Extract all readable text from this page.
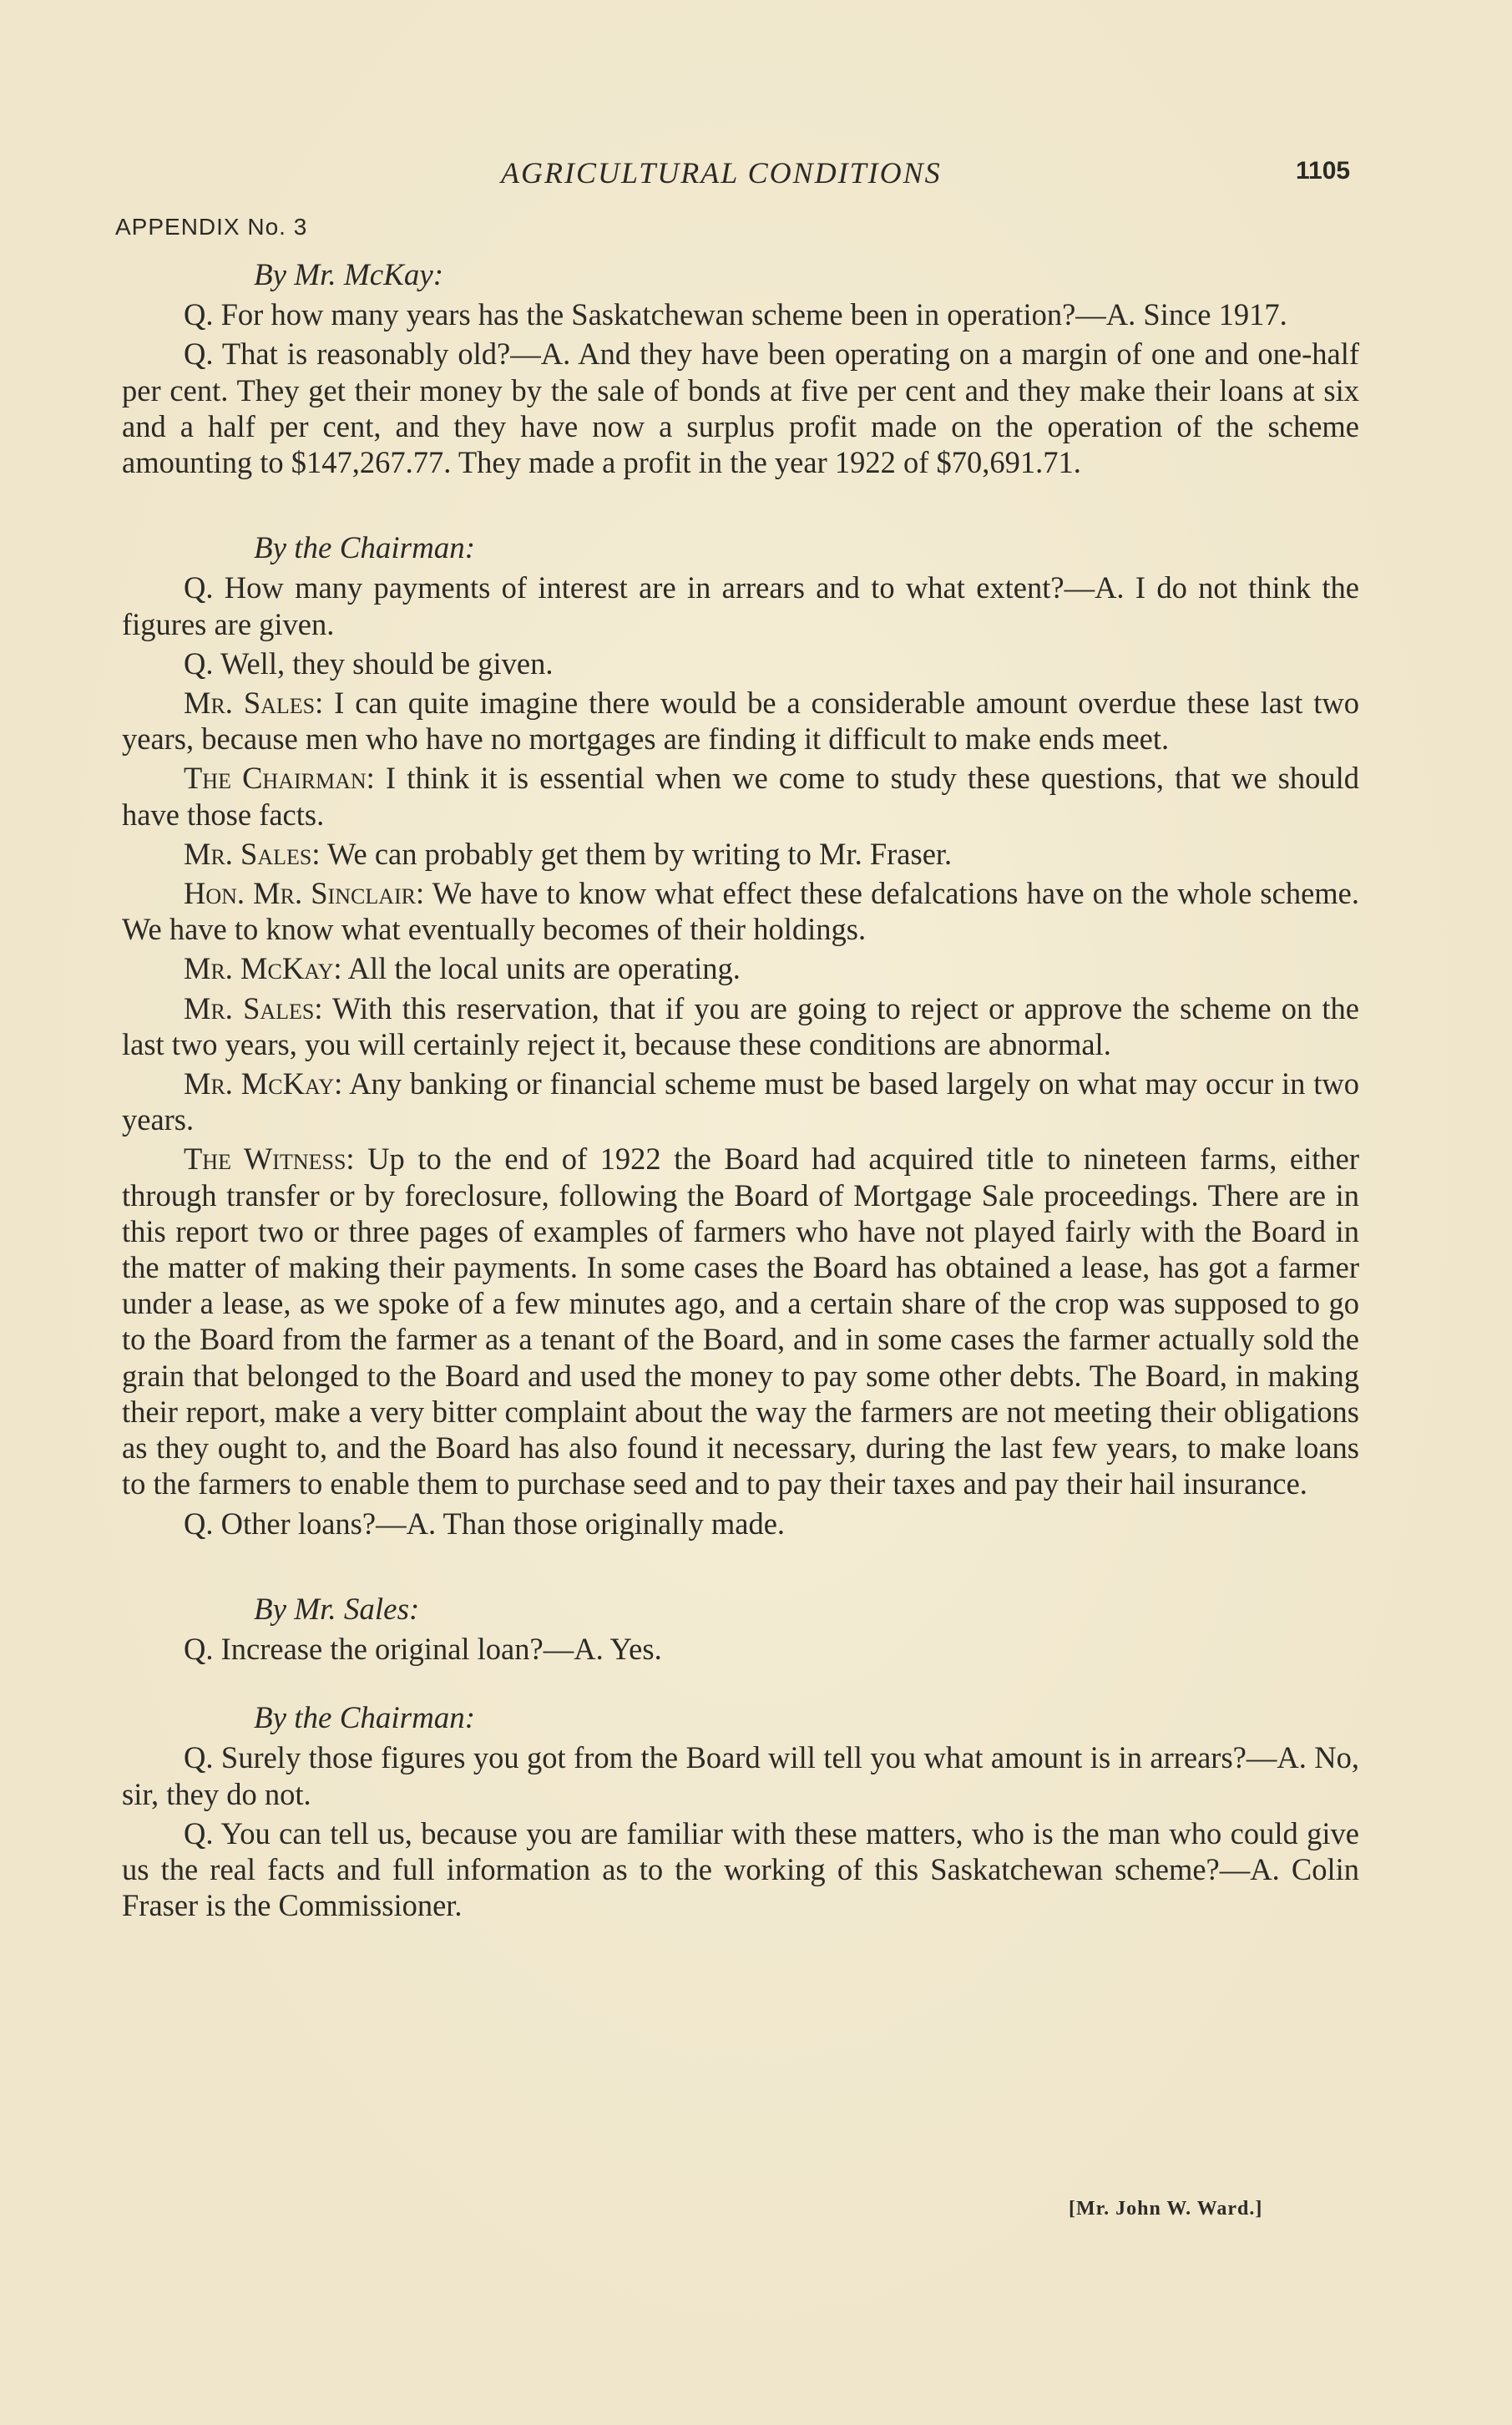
AGRICULTURAL CONDITIONS	1105
APPENDIX No. 3

By Mr. McKay:

Q. For how many years has the Saskatchewan scheme been in operation?—A. Since 1917.

Q. That is reasonably old?—A. And they have been operating on a margin of one and one-half per cent. They get their money by the sale of bonds at five per cent and they make their loans at six and a half per cent, and they have now a surplus profit made on the operation of the scheme amounting to $147,267.77. They made a profit in the year 1922 of $70,691.71.

By the Chairman:

Q. How many payments of interest are in arrears and to what extent?—A. I do not think the figures are given.

Q. Well, they should be given.

Mr. Sales: I can quite imagine there would be a considerable amount overdue these last two years, because men who have no mortgages are finding it difficult to make ends meet.

The Chairman: I think it is essential when we come to study these questions, that we should have those facts.

Mr. Sales: We can probably get them by writing to Mr. Fraser.

Hon. Mr. Sinclair: We have to know what effect these defalcations have on the whole scheme. We have to know what eventually becomes of their holdings.

Mr. McKay: All the local units are operating.

Mr. Sales: With this reservation, that if you are going to reject or approve the scheme on the last two years, you will certainly reject it, because these conditions are abnormal.

Mr. McKay: Any banking or financial scheme must be based largely on what may occur in two years.

The Witness: Up to the end of 1922 the Board had acquired title to nineteen farms, either through transfer or by foreclosure, following the Board of Mortgage Sale proceedings. There are in this report two or three pages of examples of farmers who have not played fairly with the Board in the matter of making their payments. In some cases the Board has obtained a lease, has got a farmer under a lease, as we spoke of a few minutes ago, and a certain share of the crop was supposed to go to the Board from the farmer as a tenant of the Board, and in some cases the farmer actually sold the grain that belonged to the Board and used the money to pay some other debts. The Board, in making their report, make a very bitter complaint about the way the farmers are not meeting their obligations as they ought to, and the Board has also found it necessary, during the last few years, to make loans to the farmers to enable them to purchase seed and to pay their taxes and pay their hail insurance.

Q. Other loans?—A. Than those originally made.

By Mr. Sales:

Q. Increase the original loan?—A. Yes.

By the Chairman:

Q. Surely those figures you got from the Board will tell you what amount is in arrears?—A. No, sir, they do not.

Q. You can tell us, because you are familiar with these matters, who is the man who could give us the real facts and full information as to the working of this Saskatchewan scheme?—A. Colin Fraser is the Commissioner.

[Mr. John W. Ward.]
